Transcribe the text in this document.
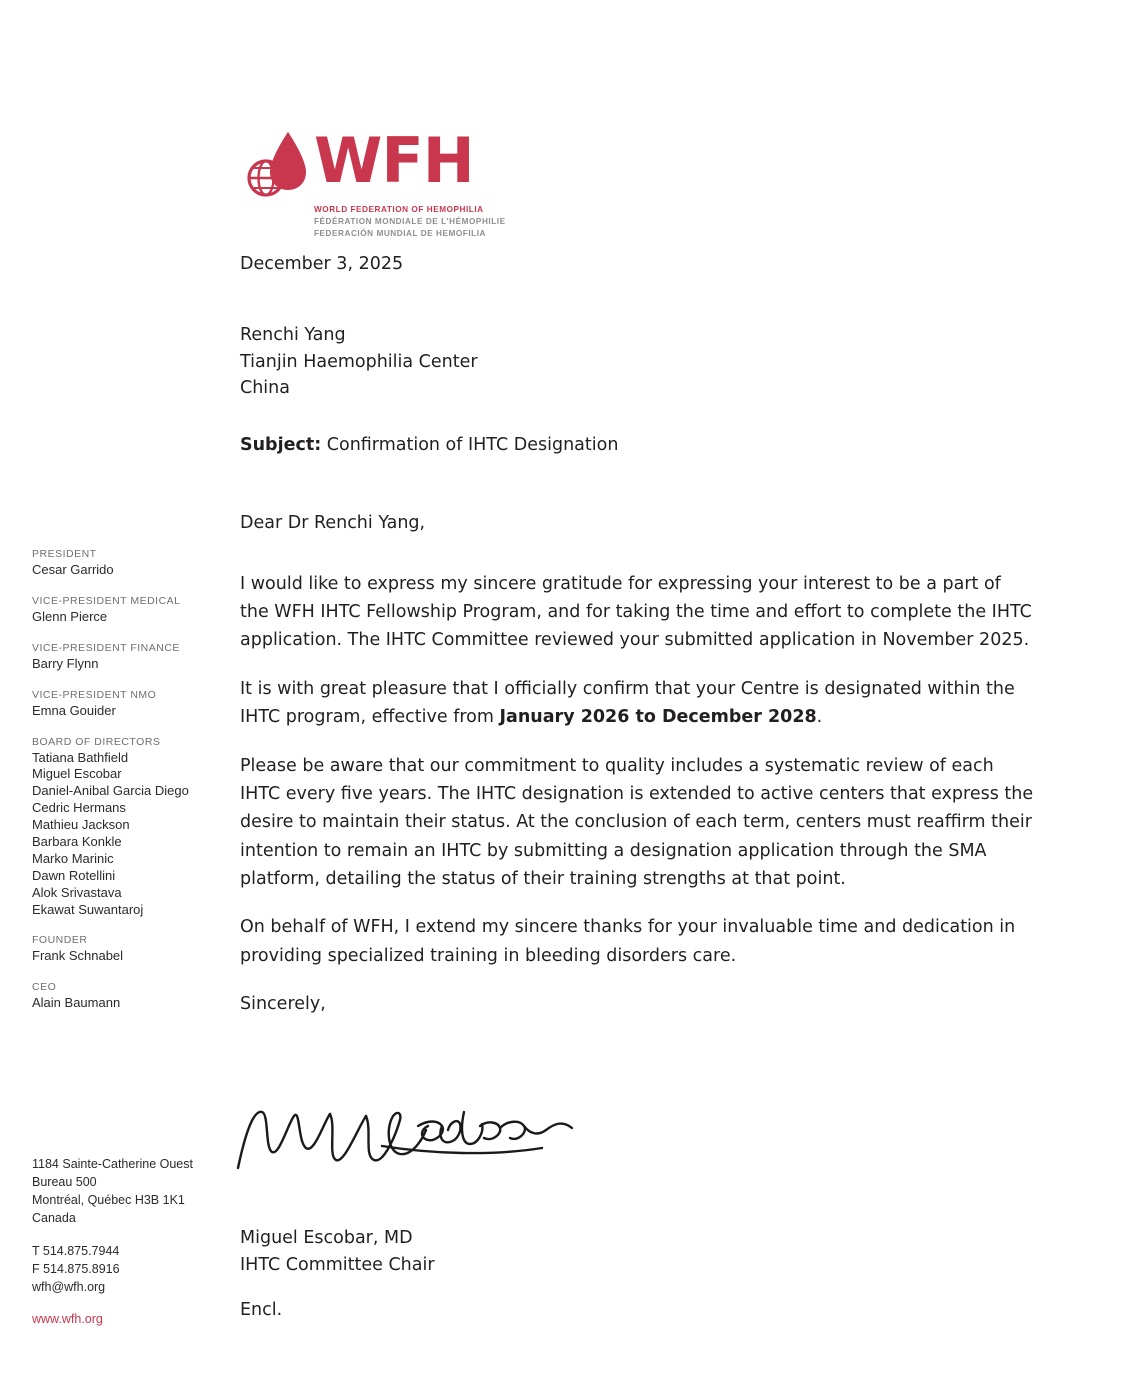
WFH
WORLD FEDERATION OF HEMOPHILIA
FÉDÉRATION MONDIALE DE L'HÉMOPHILIE
FEDERACIÓN MUNDIAL DE HEMOFILIA
PRESIDENT
Cesar Garrido
VICE-PRESIDENT MEDICAL
Glenn Pierce
VICE-PRESIDENT FINANCE
Barry Flynn
VICE-PRESIDENT NMO
Emna Gouider
BOARD OF DIRECTORS
Tatiana Bathfield
Miguel Escobar
Daniel-Anibal Garcia Diego
Cedric Hermans
Mathieu Jackson
Barbara Konkle
Marko Marinic
Dawn Rotellini
Alok Srivastava
Ekawat Suwantaroj
FOUNDER
Frank Schnabel
CEO
Alain Baumann
1184 Sainte-Catherine Ouest
Bureau 500
Montréal, Québec H3B 1K1
Canada
T 514.875.7944
F 514.875.8916
wfh@wfh.org
www.wfh.org
December 3, 2025
Renchi Yang
Tianjin Haemophilia Center
China
Subject: Confirmation of IHTC Designation
Dear Dr Renchi Yang,

I would like to express my sincere gratitude for expressing your interest to be a part of the WFH IHTC Fellowship Program, and for taking the time and effort to complete the IHTC application. The IHTC Committee reviewed your submitted application in November 2025.

It is with great pleasure that I officially confirm that your Centre is designated within the IHTC program, effective from January 2026 to December 2028.

Please be aware that our commitment to quality includes a systematic review of each IHTC every five years. The IHTC designation is extended to active centers that express the desire to maintain their status. At the conclusion of each term, centers must reaffirm their intention to remain an IHTC by submitting a designation application through the SMA platform, detailing the status of their training strengths at that point.

On behalf of WFH, I extend my sincere thanks for your invaluable time and dedication in providing specialized training in bleeding disorders care.

Sincerely,

Miguel Escobar, MD
IHTC Committee Chair
Encl.
